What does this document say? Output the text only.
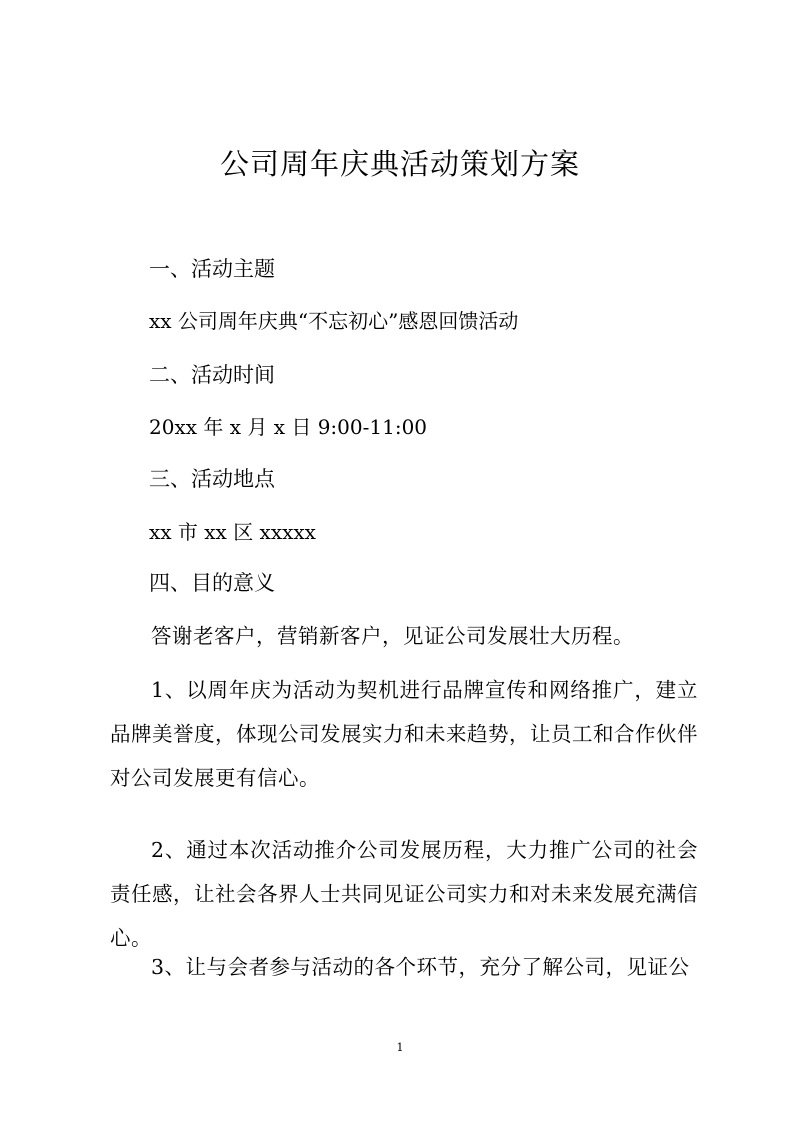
公司周年庆典活动策划方案
一、活动主题
xx 公司周年庆典“不忘初心”感恩回馈活动
二、活动时间
20xx 年 x 月 x 日 9:00-11:00
三、活动地点
xx 市 xx 区 xxxxx
四、目的意义

答谢老客户，营销新客户，见证公司发展壮大历程。

1、以周年庆为活动为契机进行品牌宣传和网络推广，建立品牌美誉度，体现公司发展实力和未来趋势，让员工和合作伙伴对公司发展更有信心。

2、通过本次活动推介公司发展历程，大力推广公司的社会责任感，让社会各界人士共同见证公司实力和对未来发展充满信心。

3、让与会者参与活动的各个环节，充分了解公司，见证公

1
